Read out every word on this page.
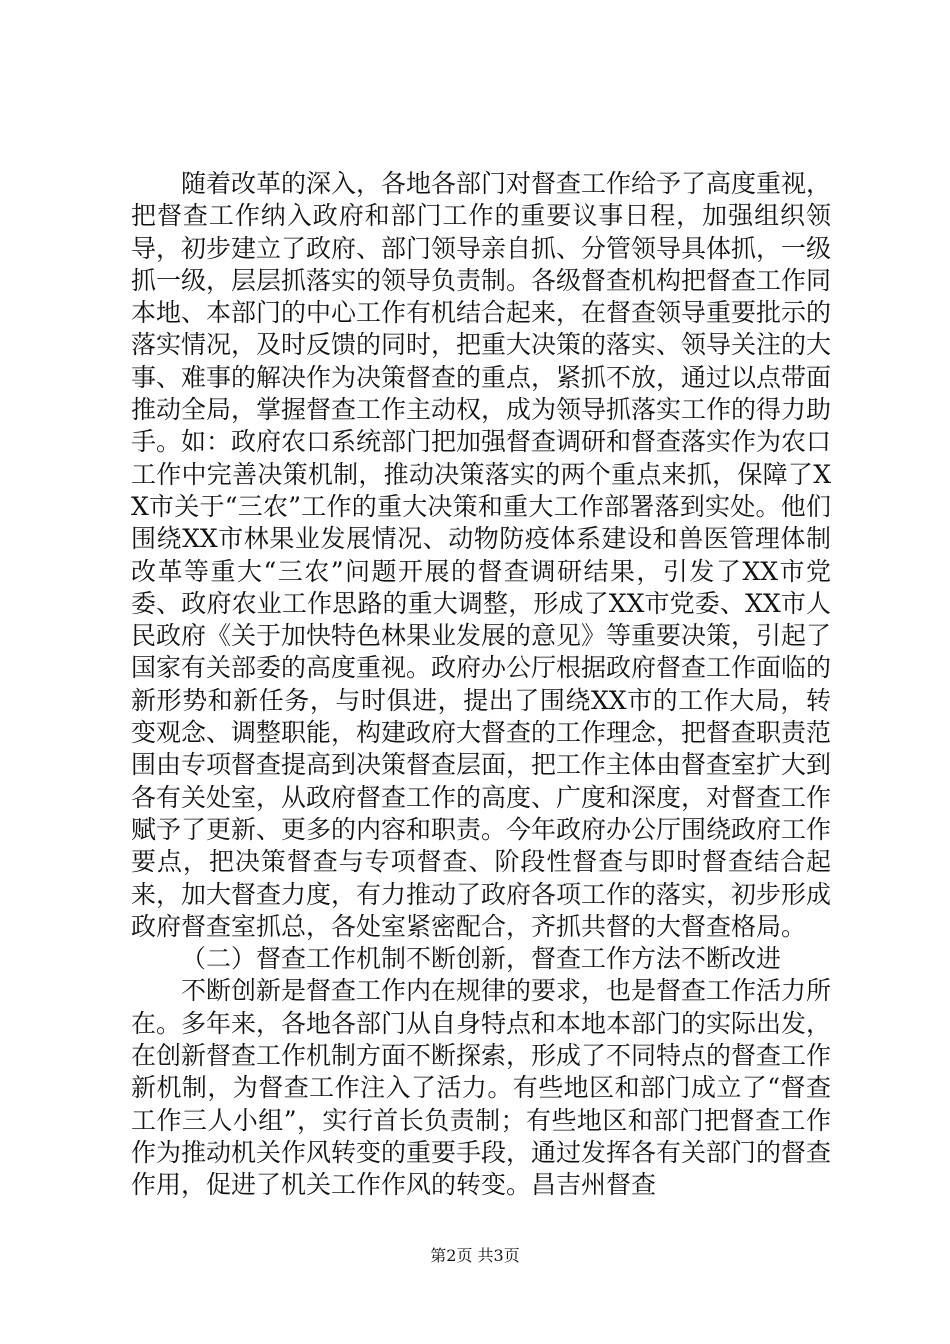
随着改革的深入，各地各部门对督查工作给予了高度重视，把督查工作纳入政府和部门工作的重要议事日程，加强组织领导，初步建立了政府、部门领导亲自抓、分管领导具体抓，一级抓一级，层层抓落实的领导负责制。各级督查机构把督查工作同本地、本部门的中心工作有机结合起来，在督查领导重要批示的落实情况，及时反馈的同时，把重大决策的落实、领导关注的大事、难事的解决作为决策督查的重点，紧抓不放，通过以点带面推动全局，掌握督查工作主动权，成为领导抓落实工作的得力助手。如：政府农口系统部门把加强督查调研和督查落实作为农口工作中完善决策机制，推动决策落实的两个重点来抓，保障了XX市关于“三农”工作的重大决策和重大工作部署落到实处。他们围绕XX市林果业发展情况、动物防疫体系建设和兽医管理体制改革等重大“三农”问题开展的督查调研结果，引发了XX市党委、政府农业工作思路的重大调整，形成了XX市党委、XX市人民政府《关于加快特色林果业发展的意见》等重要决策，引起了国家有关部委的高度重视。政府办公厅根据政府督查工作面临的新形势和新任务，与时俱进，提出了围绕XX市的工作大局，转变观念、调整职能，构建政府大督查的工作理念，把督查职责范围由专项督查提高到决策督查层面，把工作主体由督查室扩大到各有关处室，从政府督查工作的高度、广度和深度，对督查工作赋予了更新、更多的内容和职责。今年政府办公厅围绕政府工作要点，把决策督查与专项督查、阶段性督查与即时督查结合起来，加大督查力度，有力推动了政府各项工作的落实，初步形成政府督查室抓总，各处室紧密配合，齐抓共督的大督查格局。

（二）督查工作机制不断创新，督查工作方法不断改进

不断创新是督查工作内在规律的要求，也是督查工作活力所在。多年来，各地各部门从自身特点和本地本部门的实际出发，在创新督查工作机制方面不断探索，形成了不同特点的督查工作新机制，为督查工作注入了活力。有些地区和部门成立了“督查工作三人小组”，实行首长负责制；有些地区和部门把督查工作作为推动机关作风转变的重要手段，通过发挥各有关部门的督查作用，促进了机关工作作风的转变。昌吉州督查

第2页 共3页
